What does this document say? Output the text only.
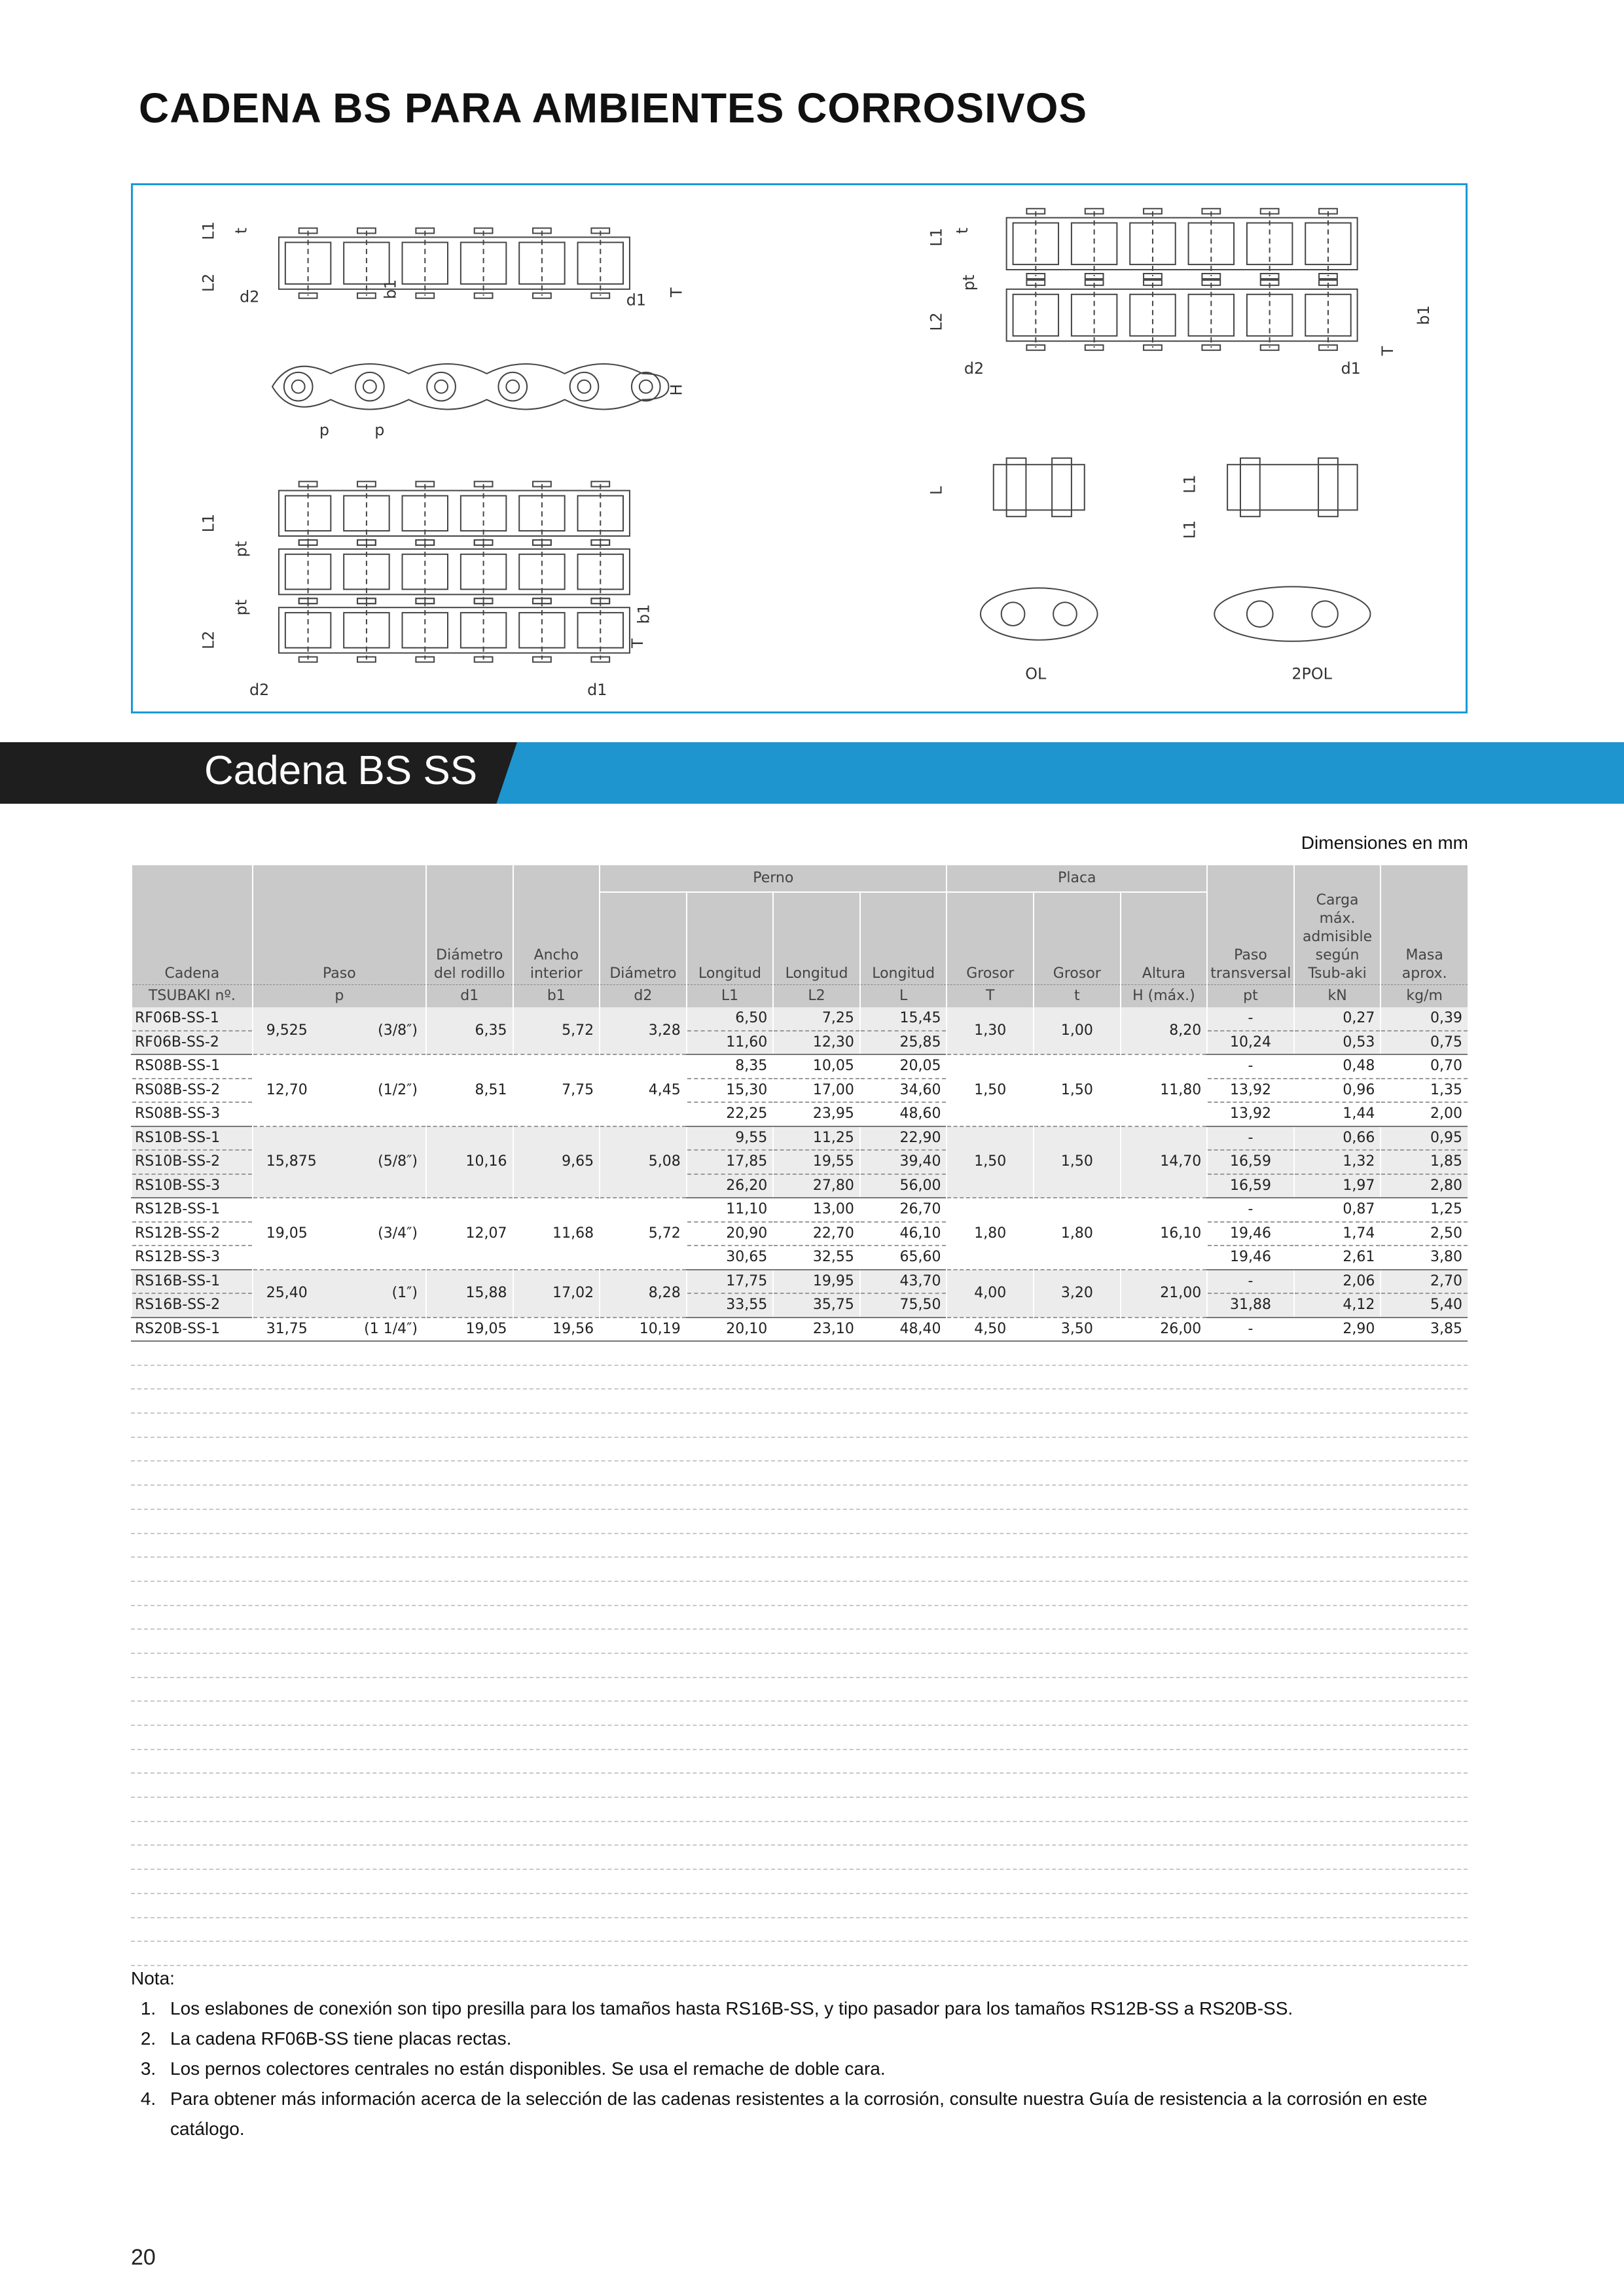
CADENA BS PARA AMBIENTES CORROSIVOS
L1
L2
t
b1
d2	d1 T
H
p	p
L1
pt
pt
L2
b1
d2	d1
T
L1
pt
L2
t
b1
d2	d1
T
L
OL
L1
L1
2POL
Cadena BS SS
Dimensiones en mm
Cadena	Paso	Diámetro del rodillo	Ancho interior	Perno				Placa			Paso transversal	Carga máx. admisible según Tsub-aki	Masa aprox.
				Diámetro	Longitud	Longitud	Longitud	Grosor	Grosor	Altura			
TSUBAKI nº.	p	d1	b1	d2	L1	L2	L	T	t	H (máx.)	pt	kN	kg/m
RF06B-SS-1	9,525 (3/8″)	6,35	5,72	3,28	6,50	7,25	15,45	1,30	1,00	8,20	-	0,27	0,39
RF06B-SS-2					11,60	12,30	25,85				10,24	0,53	0,75
RS08B-SS-1	12,70 (1/2″)	8,51	7,75	4,45	8,35	10,05	20,05	1,50	1,50	11,80	-	0,48	0,70
RS08B-SS-2					15,30	17,00	34,60				13,92	0,96	1,35
RS08B-SS-3					22,25	23,95	48,60				13,92	1,44	2,00
RS10B-SS-1	15,875 (5/8″)	10,16	9,65	5,08	9,55	11,25	22,90	1,50	1,50	14,70	-	0,66	0,95
RS10B-SS-2					17,85	19,55	39,40				16,59	1,32	1,85
RS10B-SS-3					26,20	27,80	56,00				16,59	1,97	2,80
RS12B-SS-1	19,05 (3/4″)	12,07	11,68	5,72	11,10	13,00	26,70	1,80	1,80	16,10	-	0,87	1,25
RS12B-SS-2					20,90	22,70	46,10				19,46	1,74	2,50
RS12B-SS-3					30,65	32,55	65,60				19,46	2,61	3,80
RS16B-SS-1	25,40 (1″)	15,88	17,02	8,28	17,75	19,95	43,70	4,00	3,20	21,00	-	2,06	2,70
RS16B-SS-2					33,55	35,75	75,50				31,88	4,12	5,40
RS20B-SS-1	31,75 (1 1/4″)	19,05	19,56	10,19	20,10	23,10	48,40	4,50	3,50	26,00	-	2,90	3,85
Nota:
1. Los eslabones de conexión son tipo presilla para los tamaños hasta RS16B-SS, y tipo pasador para los tamaños RS12B-SS a RS20B-SS.
2. La cadena RF06B-SS tiene placas rectas.
3. Los pernos colectores centrales no están disponibles. Se usa el remache de doble cara.
4. Para obtener más información acerca de la selección de las cadenas resistentes a la corrosión, consulte nuestra Guía de resistencia a la corrosión en este catálogo.
20
